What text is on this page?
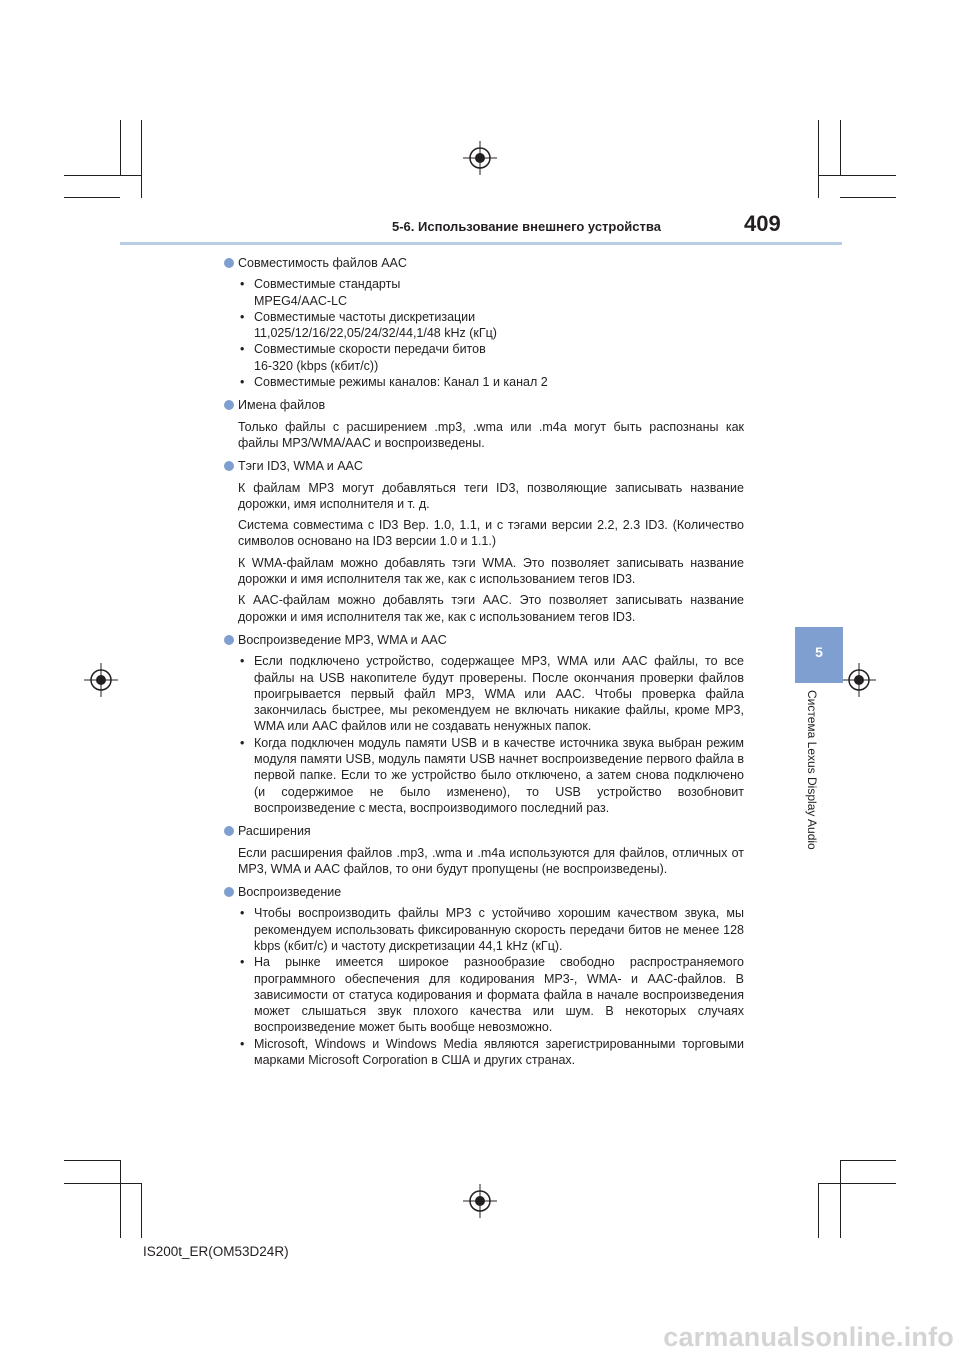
5-6. Использование внешнего устройства	409
5
Система Lexus Display Audio
Совместимость файлов AAC
• Совместимые стандарты
MPEG4/AAC-LC
• Совместимые частоты дискретизации
11,025/12/16/22,05/24/32/44,1/48 kHz (кГц)
• Совместимые скорости передачи битов
16-320 (kbps (кбит/с))
• Совместимые режимы каналов: Канал 1 и канал 2
Имена файлов
Только файлы с расширением .mp3, .wma или .m4a могут быть распознаны как файлы MP3/WMA/AAC и воспроизведены.
Тэги ID3, WMA и AAC
К файлам MP3 могут добавляться теги ID3, позволяющие записывать название дорожки, имя исполнителя и т. д.
Система совместима с ID3 Вер. 1.0, 1.1, и с тэгами версии 2.2, 2.3 ID3. (Количество символов основано на ID3 версии 1.0 и 1.1.)
К WMA-файлам можно добавлять тэги WMA. Это позволяет записывать название дорожки и имя исполнителя так же, как с использованием тегов ID3.
К AAC-файлам можно добавлять тэги AAC. Это позволяет записывать название дорожки и имя исполнителя так же, как с использованием тегов ID3.
Воспроизведение MP3, WMA и AAC
• Если подключено устройство, содержащее MP3, WMA или AAC файлы, то все файлы на USB накопителе будут проверены. После окончания проверки файлов проигрывается первый файл MP3, WMA или AAC. Чтобы проверка файла закончилась быстрее, мы рекомендуем не включать никакие файлы, кроме MP3, WMA или AAC файлов или не создавать ненужных папок.
• Когда подключен модуль памяти USB и в качестве источника звука выбран режим модуля памяти USB, модуль памяти USB начнет воспроизведение первого файла в первой папке. Если то же устройство было отключено, а затем снова подключено (и содержимое не было изменено), то USB устройство возобновит воспроизведение с места, воспроизводимого последний раз.
Расширения
Если расширения файлов .mp3, .wma и .m4a используются для файлов, отличных от MP3, WMA и AAC файлов, то они будут пропущены (не воспроизведены).
Воспроизведение
• Чтобы воспроизводить файлы MP3 с устойчиво хорошим качеством звука, мы рекомендуем использовать фиксированную скорость передачи битов не менее 128 kbps (кбит/с) и частоту дискретизации 44,1 kHz (кГц).
• На рынке имеется широкое разнообразие свободно распространяемого программного обеспечения для кодирования MP3-, WMA- и AAC-файлов. В зависимости от статуса кодирования и формата файла в начале воспроизведения может слышаться звук плохого качества или шум. В некоторых случаях воспроизведение может быть вообще невозможно.
• Microsoft, Windows и Windows Media являются зарегистрированными торговыми марками Microsoft Corporation в США и других странах.
IS200t_ER(OM53D24R)
carmanualsonline.info
